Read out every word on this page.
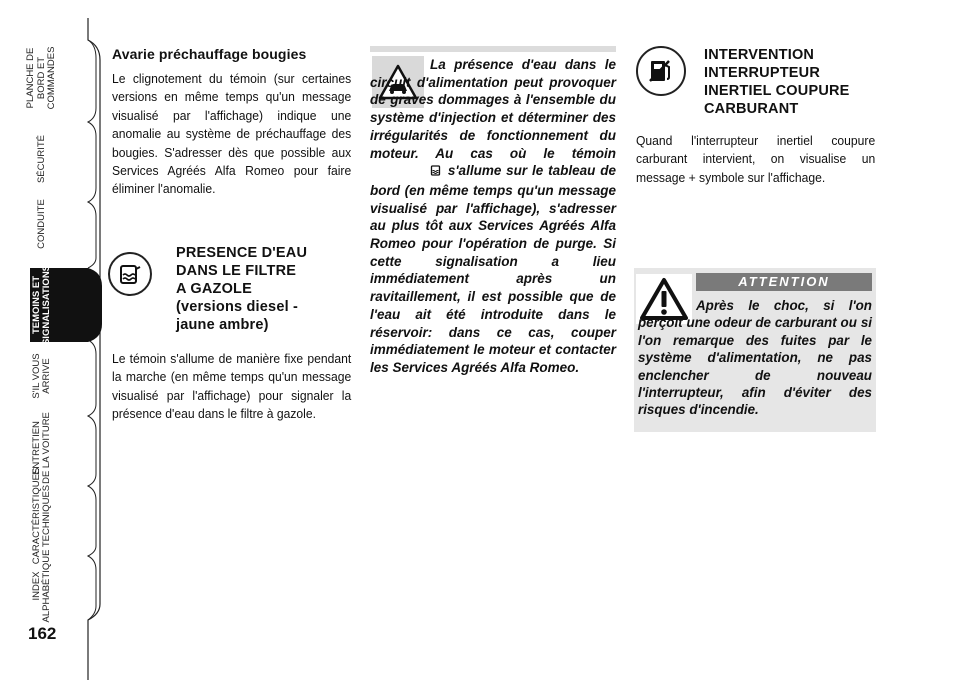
PLANCHE DE
BORD ET
COMMANDES
SÉCURITÉ
CONDUITE
TEMOINS ET
SIGNALISATIONS
S'IL VOUS
ARRIVE
ENTRETIEN
DE LA VOITURE
CARACTÉRISTIQUES
TECHNIQUES
INDEX
ALPHABÉTIQUE
162
Avarie préchauffage bougies

Le clignotement du témoin (sur certaines versions en même temps qu'un message visualisé par l'affichage) indique une anomalie au système de préchauffage des bougies. S'adresser dès que possible aux Services Agréés Alfa Romeo pour faire éliminer l'anomalie.

PRESENCE D'EAU
DANS LE FILTRE
A GAZOLE
(versions diesel -
jaune ambre)

Le témoin s'allume de manière fixe pendant la marche (en même temps qu'un message visualisé par l'affichage) pour signaler la présence d'eau dans le filtre à gazole.

La présence d'eau dans le circuit d'alimentation peut provoquer de graves dommages à l'ensemble du système d'injection et déterminer des irrégularités de fonctionnement du moteur. Au cas où le témoin  s'allume sur le tableau de bord (en même temps qu'un message visualisé par l'affichage), s'adresser au plus tôt aux Services Agréés Alfa Romeo pour l'opération de purge. Si cette signalisation a lieu immédiatement après un ravitaillement, il est possible que de l'eau ait été introduite dans le réservoir: dans ce cas, couper immédiatement le moteur et contacter les Services Agréés Alfa Romeo.

INTERVENTION
INTERRUPTEUR
INERTIEL COUPURE
CARBURANT

Quand l'interrupteur inertiel coupure carburant intervient, on visualise un message + symbole sur l'affichage.

ATTENTION

Après le choc, si l'on perçoit une odeur de carburant ou si l'on remarque des fuites par le système d'alimentation, ne pas enclencher de nouveau l'interrupteur, afin d'éviter des risques d'incendie.
